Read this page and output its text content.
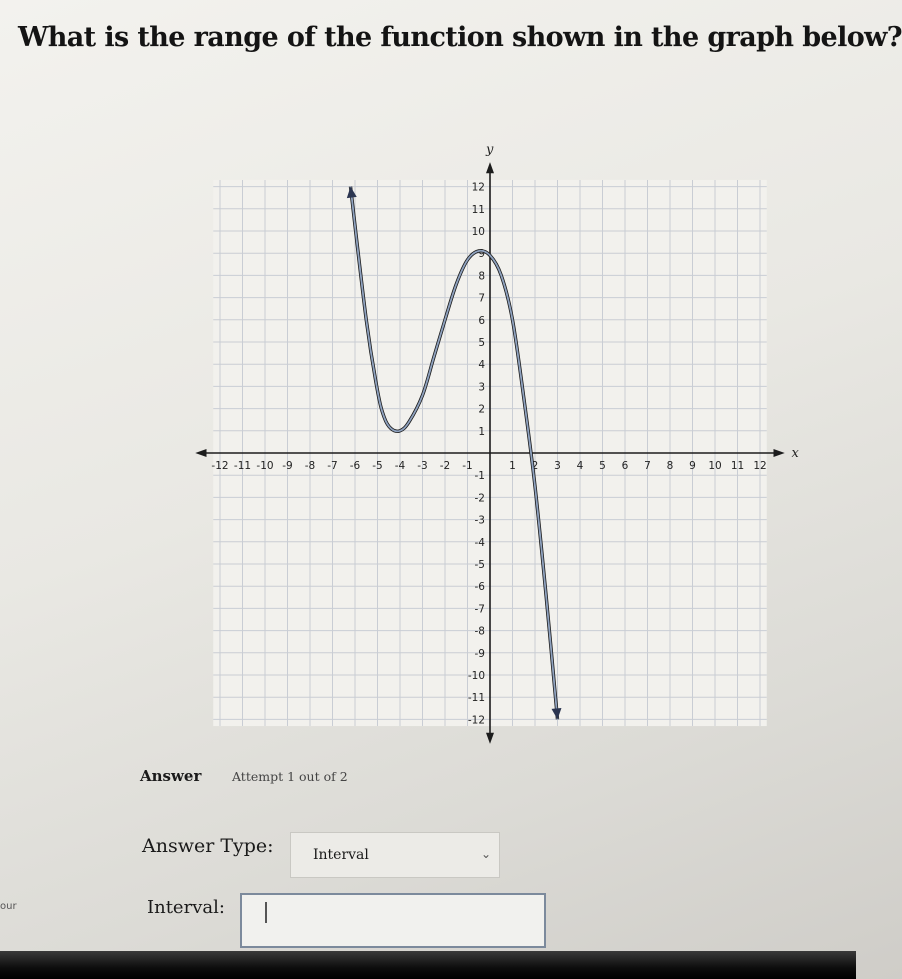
What is the range of the function shown in the graph below?
x
y
-12 -11 -10 -9 -8 -7 -6 -5 -4 -3 -2 -1	1 2 3 4 5 6 7 8 9 10 11 12
-12
-11
-10
-9
-8
-7
-6
-5
-4
-3
-2
-1
1
2
3
4
5
6
7
8
9
10
11
12
Answer Attempt 1 out of 2
Answer Type:	Interval	⌄
Interval:
our
